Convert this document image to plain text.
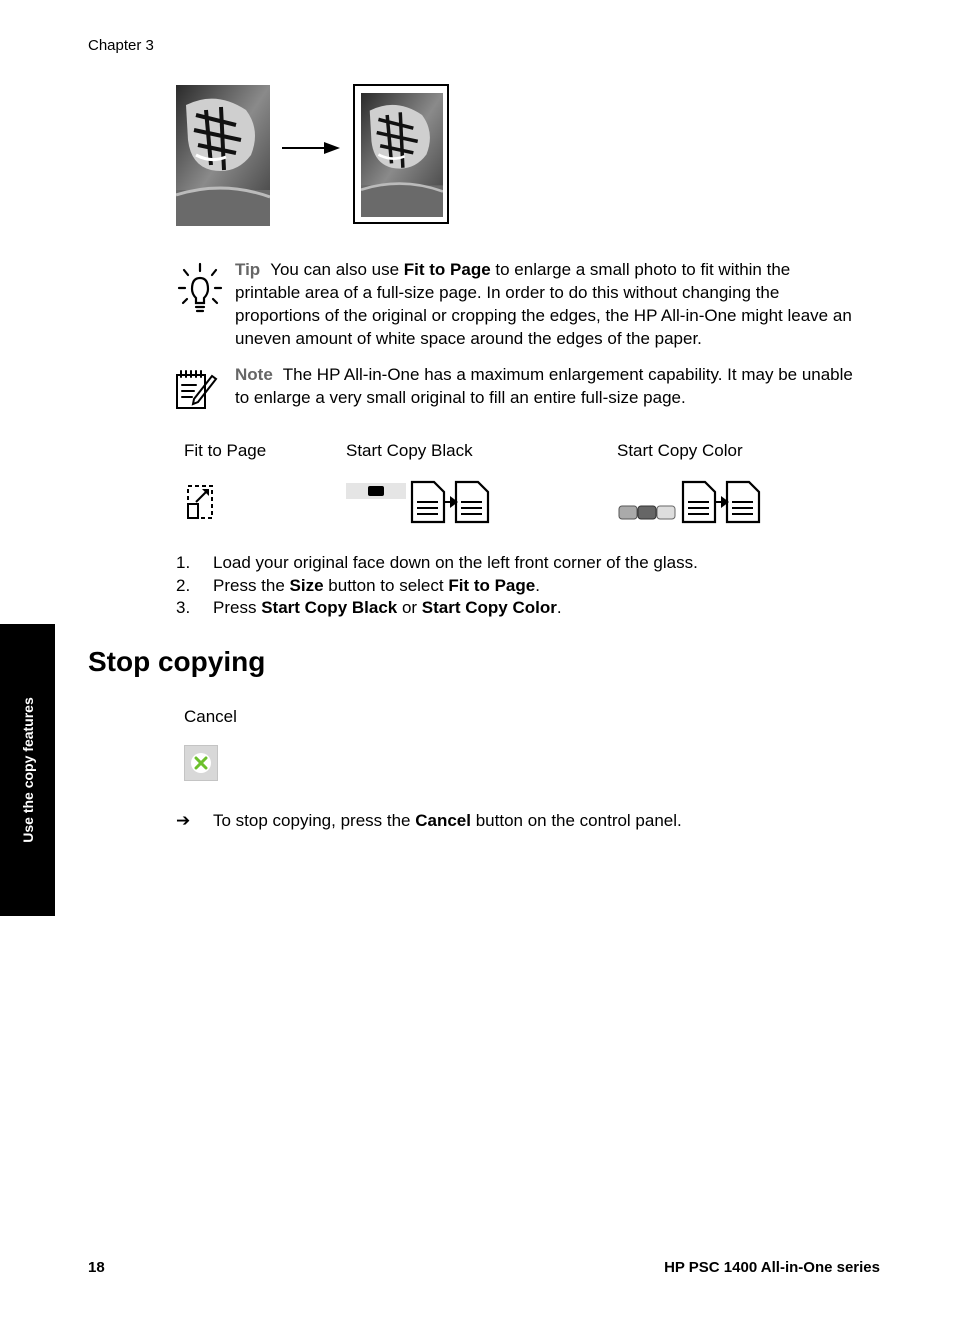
Chapter 3
Use the copy features
Tip You can also use Fit to Page to enlarge a small photo to fit within the printable area of a full-size page. In order to do this without changing the proportions of the original or cropping the edges, the HP All-in-One might leave an uneven amount of white space around the edges of the paper.
Note The HP All-in-One has a maximum enlargement capability. It may be unable to enlarge a very small original to fill an entire full-size page.
Fit to Page	Start Copy Black	Start Copy Color
1.	Load your original face down on the left front corner of the glass.
2.	Press the Size button to select Fit to Page.
3.	Press Start Copy Black or Start Copy Color.
Stop copying
Cancel
➔	To stop copying, press the Cancel button on the control panel.
18	HP PSC 1400 All-in-One series
